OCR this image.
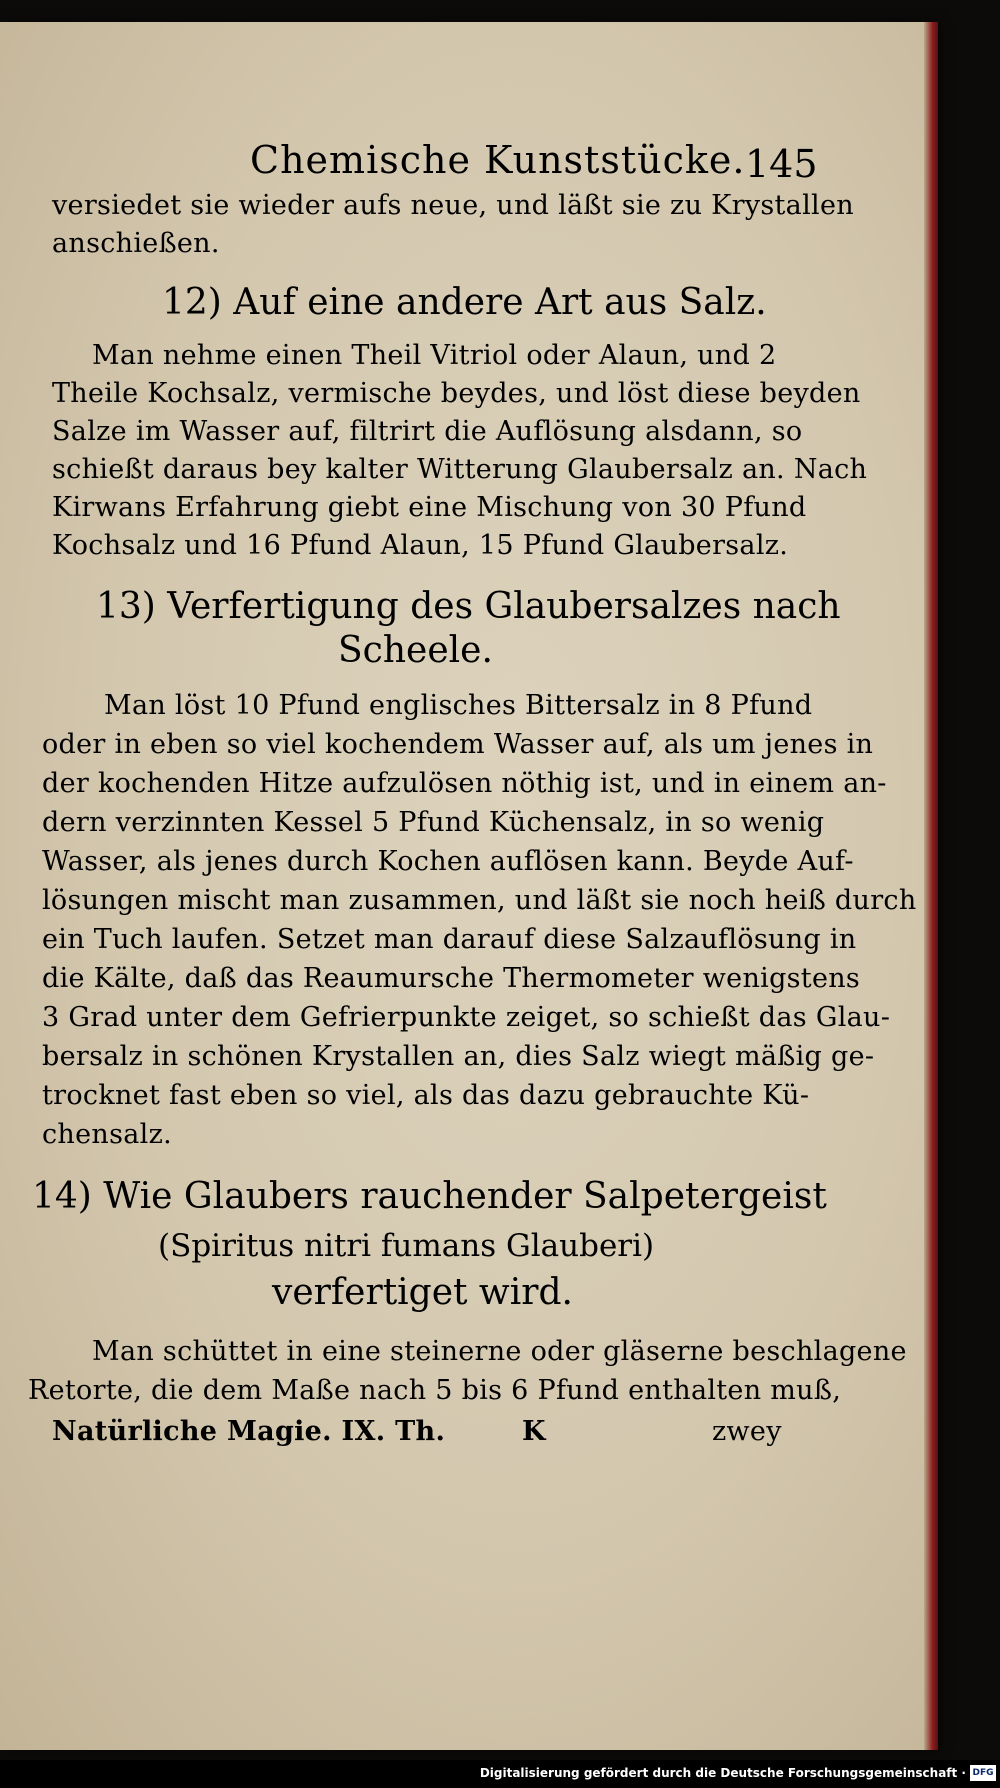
Chemische Kunststücke. 145
versiedet sie wieder aufs neue, und läßt sie zu Krystallen
anschießen.
12) Auf eine andere Art aus Salz.
Man nehme einen Theil Vitriol oder Alaun, und 2
Theile Kochsalz, vermische beydes, und löst diese beyden
Salze im Wasser auf, filtrirt die Auflösung alsdann, so
schießt daraus bey kalter Witterung Glaubersalz an. Nach
Kirwans Erfahrung giebt eine Mischung von 30 Pfund
Kochsalz und 16 Pfund Alaun, 15 Pfund Glaubersalz.
13) Verfertigung des Glaubersalzes nach
Scheele.
Man löst 10 Pfund englisches Bittersalz in 8 Pfund
oder in eben so viel kochendem Wasser auf, als um jenes in
der kochenden Hitze aufzulösen nöthig ist, und in einem an-
dern verzinnten Kessel 5 Pfund Küchensalz, in so wenig
Wasser, als jenes durch Kochen auflösen kann. Beyde Auf-
lösungen mischt man zusammen, und läßt sie noch heiß durch
ein Tuch laufen. Setzet man darauf diese Salzauflösung in
die Kälte, daß das Reaumursche Thermometer wenigstens
3 Grad unter dem Gefrierpunkte zeiget, so schießt das Glau-
bersalz in schönen Krystallen an, dies Salz wiegt mäßig ge-
trocknet fast eben so viel, als das dazu gebrauchte Kü-
chensalz.
14) Wie Glaubers rauchender Salpetergeist
(Spiritus nitri fumans Glauberi)
verfertiget wird.
Man schüttet in eine steinerne oder gläserne beschlagene
Retorte, die dem Maße nach 5 bis 6 Pfund enthalten muß,
Natürliche Magie. IX. Th.	K	zwey
Digitalisierung gefördert durch die Deutsche Forschungsgemeinschaft · DFG
